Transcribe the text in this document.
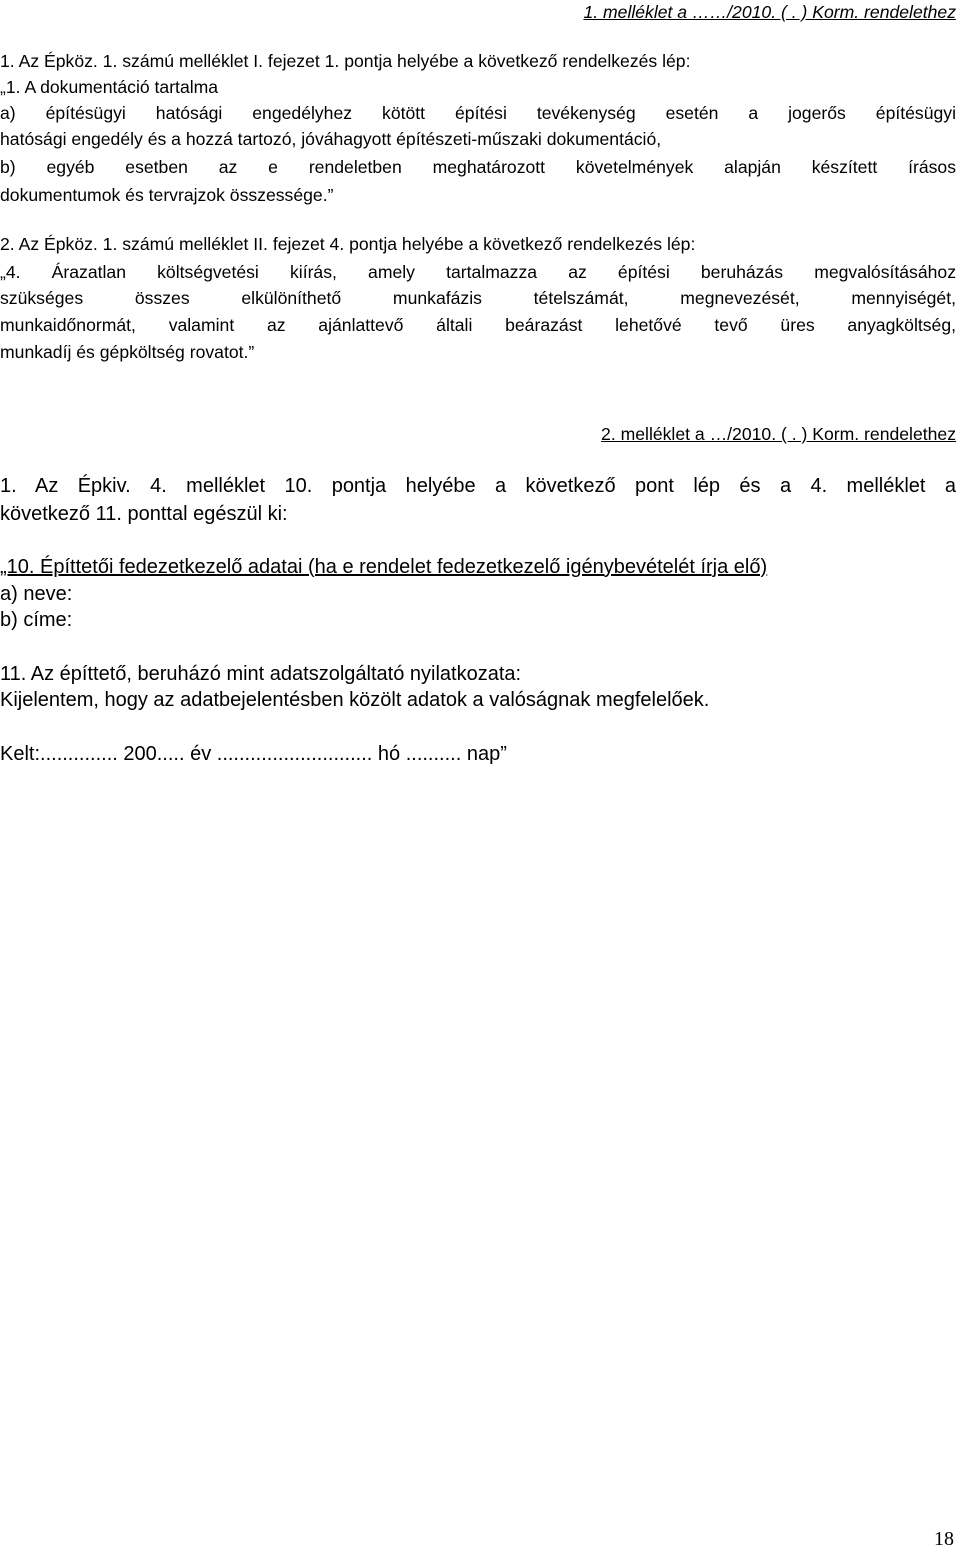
1. melléklet a ……/2010. ( . ) Korm. rendelethez

1. Az Épköz. 1. számú melléklet I. fejezet 1. pontja helyébe a következő rendelkezés lép:

„1. A dokumentáció tartalma

a) építésügyi hatósági engedélyhez kötött építési tevékenység esetén a jogerős építésügyi

hatósági engedély és a hozzá tartozó, jóváhagyott építészeti-műszaki dokumentáció,

b) egyéb esetben az e rendeletben meghatározott követelmények alapján készített írásos

dokumentumok és tervrajzok összessége.”

2. Az Épköz. 1. számú melléklet II. fejezet 4. pontja helyébe a következő rendelkezés lép:

„4. Árazatlan költségvetési kiírás, amely tartalmazza az építési beruházás megvalósításához

szükséges összes elkülöníthető munkafázis tételszámát, megnevezését, mennyiségét,

munkaidőnormát, valamint az ajánlattevő általi beárazást lehetővé tevő üres anyagköltség,

munkadíj és gépköltség rovatot.”

2. melléklet a …/2010. ( . ) Korm. rendelethez

1. Az Épkiv. 4. melléklet 10. pontja helyébe a következő pont lép és a 4. melléklet a

következő 11. ponttal egészül ki:

„10. Építtetői fedezetkezelő adatai (ha e rendelet fedezetkezelő igénybevételét írja elő)

a) neve:

b) címe:

11. Az építtető, beruházó mint adatszolgáltató nyilatkozata:

Kijelentem, hogy az adatbejelentésben közölt adatok a valóságnak megfelelőek.

Kelt:.............. 200..... év ............................ hó .......... nap”

18
